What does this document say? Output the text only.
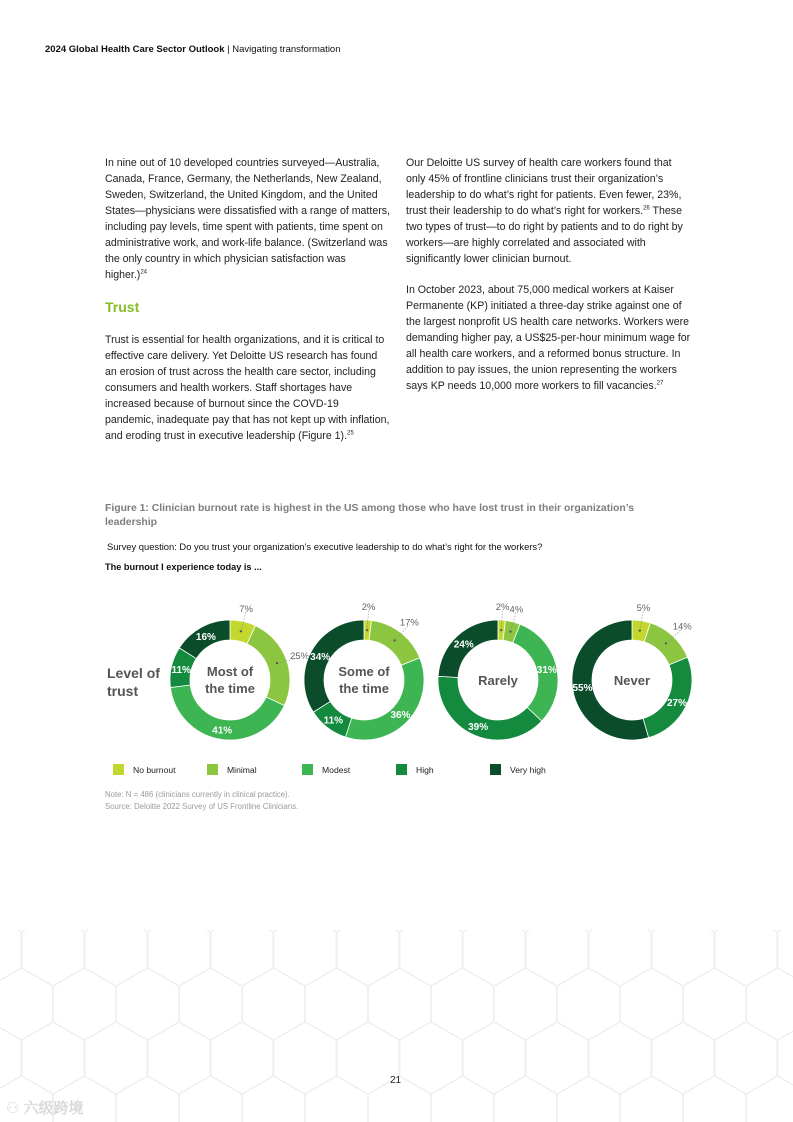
2024 Global Health Care Sector Outlook | Navigating transformation

In nine out of 10 developed countries surveyed—Australia, Canada, France, Germany, the Netherlands, New Zealand, Sweden, Switzerland, the United Kingdom, and the United States—physicians were dissatisfied with a range of matters, including pay levels, time spent with patients, time spent on administrative work, and work-life balance. (Switzerland was the only country in which physician satisfaction was higher.)$^{24}$

Trust

Trust is essential for health organizations, and it is critical to effective care delivery. Yet Deloitte US research has found an erosion of trust across the health care sector, including consumers and health workers. Staff shortages have increased because of burnout since the COVD-19 pandemic, inadequate pay that has not kept up with inflation, and eroding trust in executive leadership (Figure 1).$^{25}$

Our Deloitte US survey of health care workers found that only 45% of frontline clinicians trust their organization’s leadership to do what’s right for patients. Even fewer, 23%, trust their leadership to do what’s right for workers.$^{26}$ These two types of trust—to do right by patients and to do right by workers—are highly correlated and associated with significantly lower clinician burnout.

In October 2023, about 75,000 medical workers at Kaiser Permanente (KP) initiated a three-day strike against one of the largest nonprofit US health care networks. Workers were demanding higher pay, a US$25-per-hour minimum wage for all health care workers, and a reformed bonus structure. In addition to pay issues, the union representing the workers says KP needs 10,000 more workers to fill vacancies.$^{27}$

Figure 1: Clinician burnout rate is highest in the US among those who have lost trust in their organization’s leadership
Survey question: Do you trust your organization’s executive leadership to do what’s right for the workers?
The burnout I experience today is ...
Level of trust
7%
25%
41%
11%
16%
Most of the time
2%
17%
36%
11%
34%
Some of the time
2% 4%
31%
39%
24%
Rarely
5%
14%
27%
55%
Never
No burnout	Minimal	Modest	High	Very high
Note: N = 486 (clinicians currently in clinical practice).
Source: Deloitte 2022 Survey of US Frontline Clinicians.
21
⚇ 六级跨境
